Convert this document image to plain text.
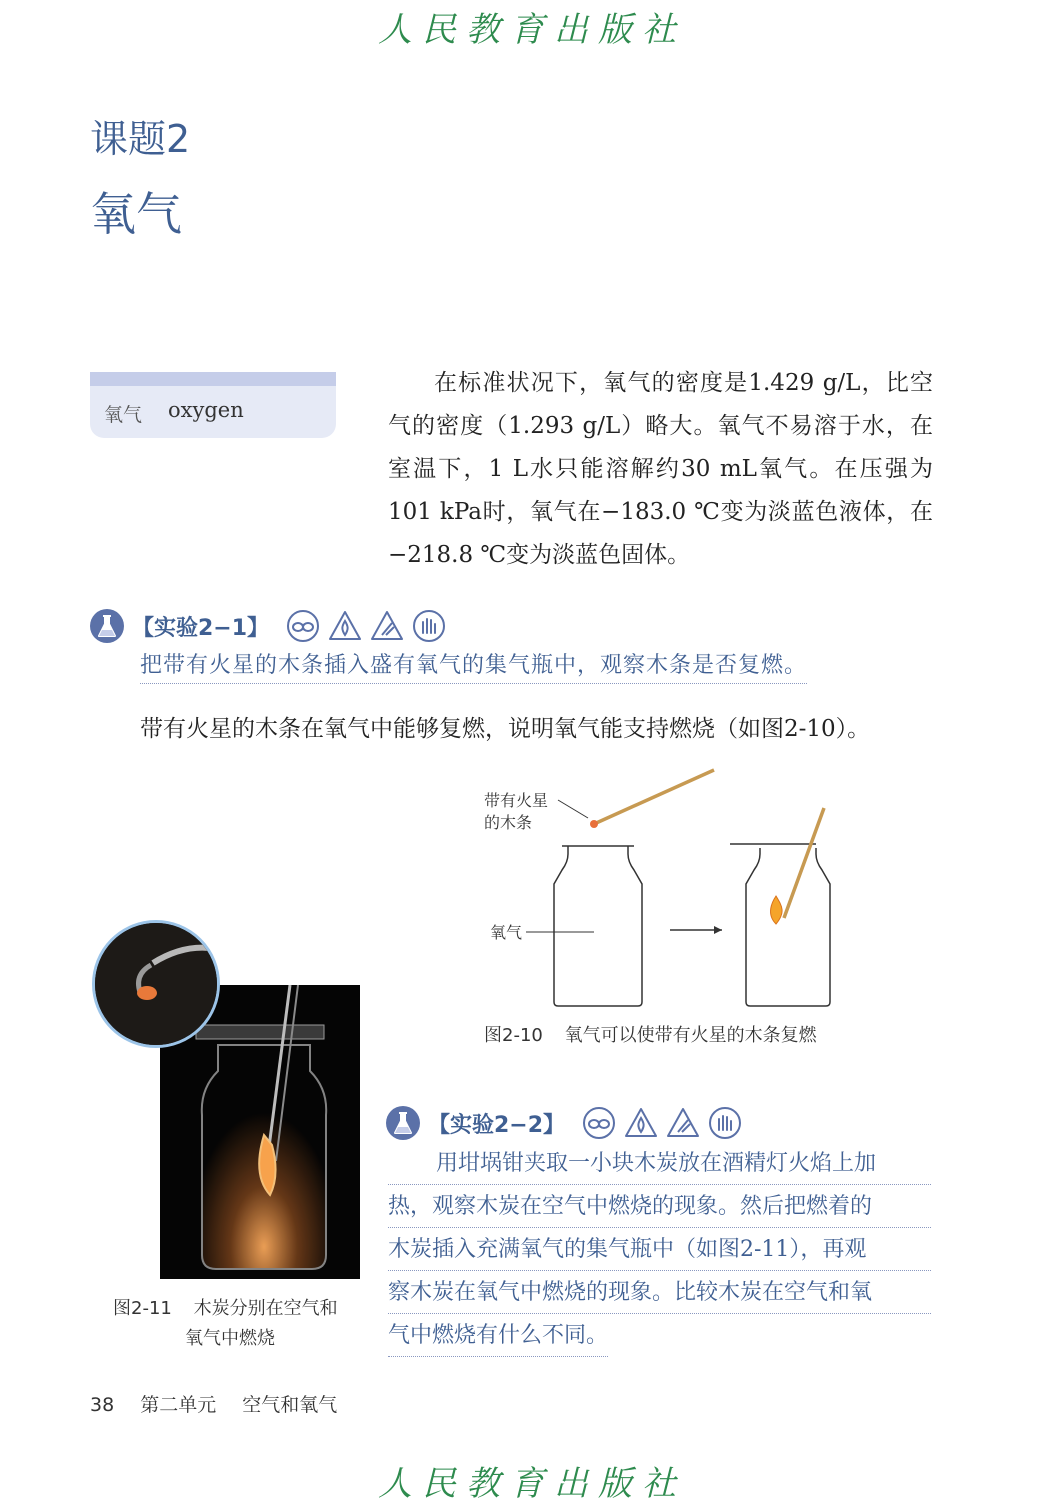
人民教育出版社
课题2
氧气
氧气 oxygen
在标准状况下，氧气的密度是1.429 g/L，比空气的密度（1.293 g/L）略大。氧气不易溶于水，在室温下，1 L水只能溶解约30 mL氧气。在压强为101 kPa时，氧气在−183.0 ℃变为淡蓝色液体，在−218.8 ℃变为淡蓝色固体。
【实验2−1】
把带有火星的木条插入盛有氧气的集气瓶中，观察木条是否复燃。
带有火星的木条在氧气中能够复燃，说明氧气能支持燃烧（如图2-10）。
带有火星
的木条
氧气
图2-10 氧气可以使带有火星的木条复燃
图2-11 木炭分别在空气和
氧气中燃烧
【实验2−2】
用坩埚钳夹取一小块木炭放在酒精灯火焰上加
热，观察木炭在空气中燃烧的现象。然后把燃着的
木炭插入充满氧气的集气瓶中（如图2-11），再观
察木炭在氧气中燃烧的现象。比较木炭在空气和氧
气中燃烧有什么不同。
38 第二单元 空气和氧气
人民教育出版社
